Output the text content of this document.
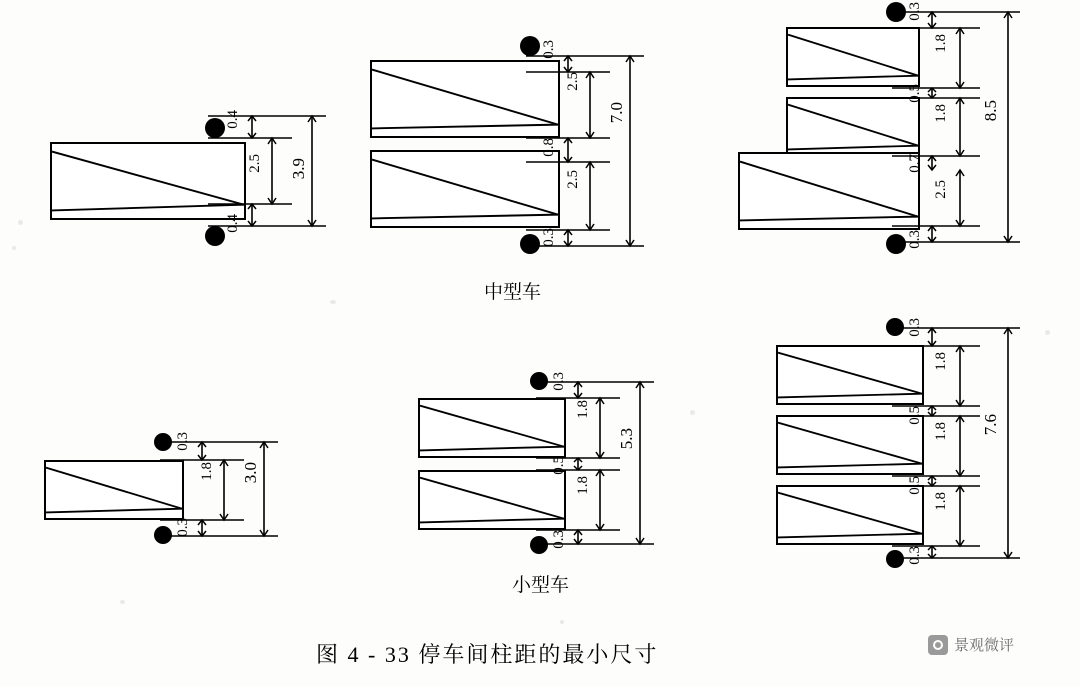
0.4
2.5
0.4
3.9
0.3
2.5
0.8
2.5
0.3
7.0
中型车
0.3
1.8
0.5
1.8
0.7
2.5
0.3
8.5
0.3
1.8
0.3
3.0
0.3
1.8
0.5
1.8
0.3
5.3
小型车
0.3
1.8
0.5
1.8
0.5
1.8
0.3
7.6
图 4 - 33 停车间柱距的最小尺寸	景观微评
